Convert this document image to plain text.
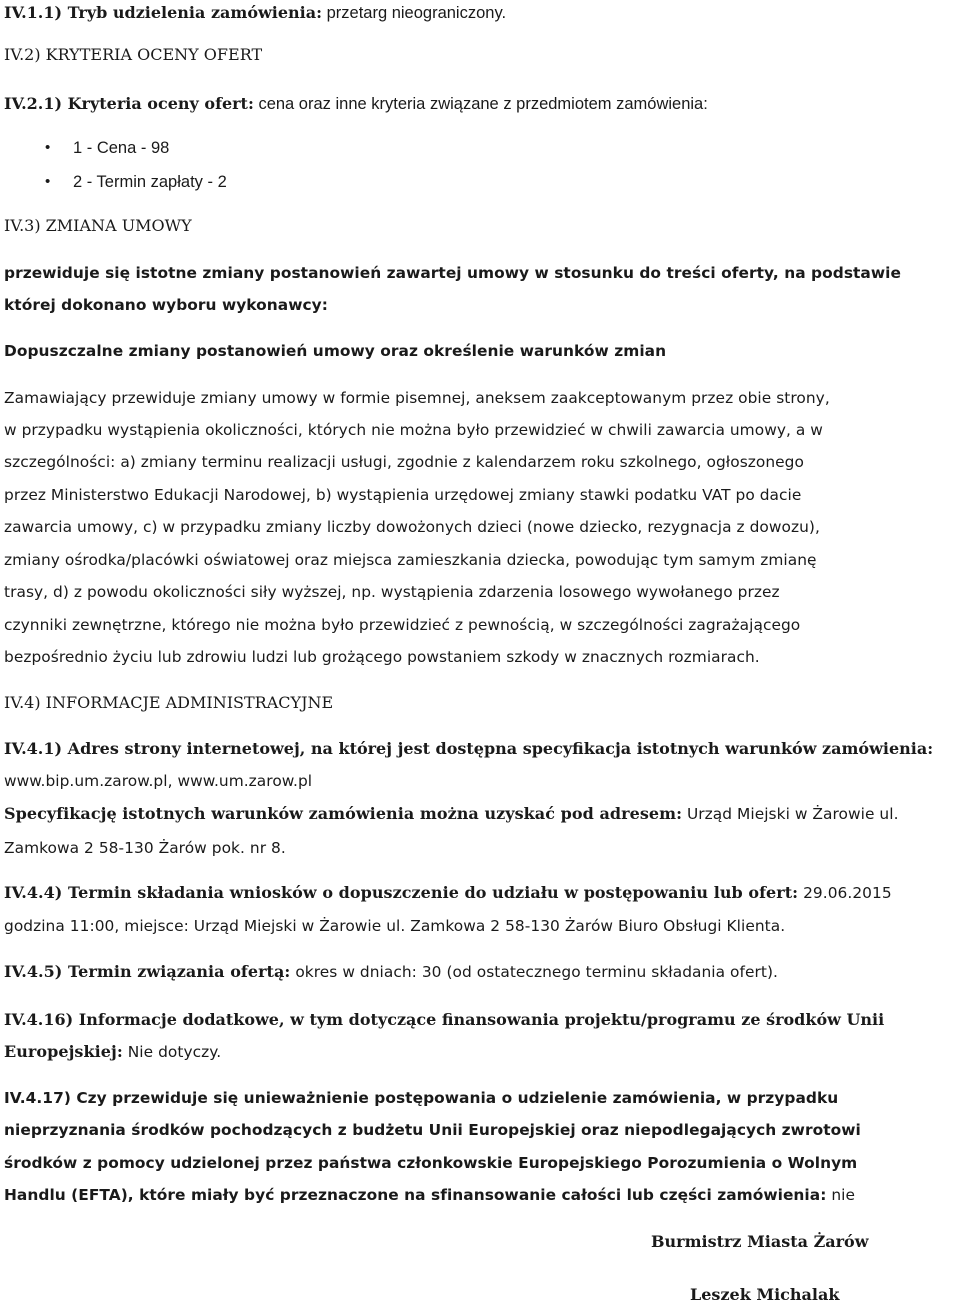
IV.1.1) Tryb udzielenia zamówienia: przetarg nieograniczony.
IV.2) KRYTERIA OCENY OFERT
IV.2.1) Kryteria oceny ofert: cena oraz inne kryteria związane z przedmiotem zamówienia:
• 1 - Cena - 98
• 2 - Termin zapłaty - 2
IV.3) ZMIANA UMOWY
przewiduje się istotne zmiany postanowień zawartej umowy w stosunku do treści oferty, na podstawie
której dokonano wyboru wykonawcy:
Dopuszczalne zmiany postanowień umowy oraz określenie warunków zmian
Zamawiający przewiduje zmiany umowy w formie pisemnej, aneksem zaakceptowanym przez obie strony,
w przypadku wystąpienia okoliczności, których nie można było przewidzieć w chwili zawarcia umowy, a w
szczególności: a) zmiany terminu realizacji usługi, zgodnie z kalendarzem roku szkolnego, ogłoszonego
przez Ministerstwo Edukacji Narodowej, b) wystąpienia urzędowej zmiany stawki podatku VAT po dacie
zawarcia umowy, c) w przypadku zmiany liczby dowożonych dzieci (nowe dziecko, rezygnacja z dowozu),
zmiany ośrodka/placówki oświatowej oraz miejsca zamieszkania dziecka, powodując tym samym zmianę
trasy, d) z powodu okoliczności siły wyższej, np. wystąpienia zdarzenia losowego wywołanego przez
czynniki zewnętrzne, którego nie można było przewidzieć z pewnością, w szczególności zagrażającego
bezpośrednio życiu lub zdrowiu ludzi lub grożącego powstaniem szkody w znacznych rozmiarach.
IV.4) INFORMACJE ADMINISTRACYJNE
IV.4.1) Adres strony internetowej, na której jest dostępna specyfikacja istotnych warunków zamówienia:
www.bip.um.zarow.pl, www.um.zarow.pl
Specyfikację istotnych warunków zamówienia można uzyskać pod adresem: Urząd Miejski w Żarowie ul.
Zamkowa 2 58-130 Żarów pok. nr 8.
IV.4.4) Termin składania wniosków o dopuszczenie do udziału w postępowaniu lub ofert: 29.06.2015
godzina 11:00, miejsce: Urząd Miejski w Żarowie ul. Zamkowa 2 58-130 Żarów Biuro Obsługi Klienta.
IV.4.5) Termin związania ofertą: okres w dniach: 30 (od ostatecznego terminu składania ofert).
IV.4.16) Informacje dodatkowe, w tym dotyczące finansowania projektu/programu ze środków Unii
Europejskiej: Nie dotyczy.
IV.4.17) Czy przewiduje się unieważnienie postępowania o udzielenie zamówienia, w przypadku
nieprzyznania środków pochodzących z budżetu Unii Europejskiej oraz niepodlegających zwrotowi
środków z pomocy udzielonej przez państwa członkowskie Europejskiego Porozumienia o Wolnym
Handlu (EFTA), które miały być przeznaczone na sfinansowanie całości lub części zamówienia: nie
Burmistrz Miasta Żarów
Leszek Michalak
